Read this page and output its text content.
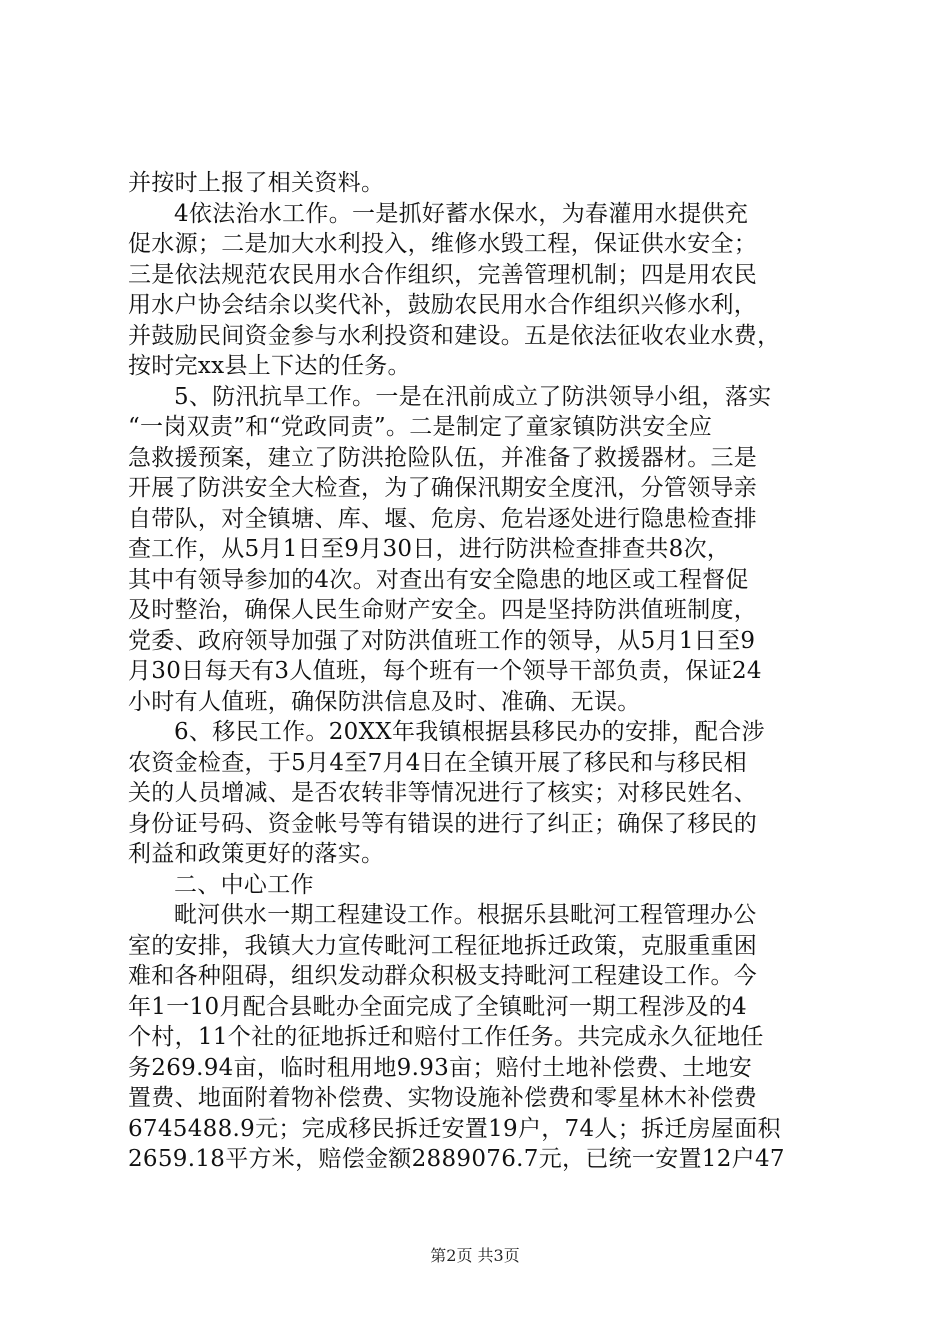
并按时上报了相关资料。
4依法治水工作。一是抓好蓄水保水，为春灌用水提供充
促水源；二是加大水利投入，维修水毁工程，保证供水安全；
三是依法规范农民用水合作组织，完善管理机制；四是用农民
用水户协会结余以奖代补，鼓励农民用水合作组织兴修水利，
并鼓励民间资金参与水利投资和建设。五是依法征收农业水费，
按时完xx县上下达的任务。
5、防汛抗旱工作。一是在汛前成立了防洪领导小组，落实
“一岗双责”和“党政同责”。二是制定了童家镇防洪安全应
急救援预案，建立了防洪抢险队伍，并准备了救援器材。三是
开展了防洪安全大检查，为了确保汛期安全度汛，分管领导亲
自带队，对全镇塘、库、堰、危房、危岩逐处进行隐患检查排
查工作，从5月1日至9月30日，进行防洪检查排查共8次，
其中有领导参加的4次。对查出有安全隐患的地区或工程督促
及时整治，确保人民生命财产安全。四是坚持防洪值班制度，
党委、政府领导加强了对防洪值班工作的领导，从5月1日至9
月30日每天有3人值班，每个班有一个领导干部负责，保证24
小时有人值班，确保防洪信息及时、准确、无误。
6、移民工作。20XX年我镇根据县移民办的安排，配合涉
农资金检查，于5月4至7月4日在全镇开展了移民和与移民相
关的人员增减、是否农转非等情况进行了核实；对移民姓名、
身份证号码、资金帐号等有错误的进行了纠正；确保了移民的
利益和政策更好的落实。
二、中心工作
毗河供水一期工程建设工作。根据乐县毗河工程管理办公
室的安排，我镇大力宣传毗河工程征地拆迁政策，克服重重困
难和各种阻碍，组织发动群众积极支持毗河工程建设工作。今
年1一10月配合县毗办全面完成了全镇毗河一期工程涉及的4
个村，11个社的征地拆迁和赔付工作任务。共完成永久征地任
务269.94亩，临时租用地9.93亩；赔付土地补偿费、土地安
置费、地面附着物补偿费、实物设施补偿费和零星林木补偿费
6745488.9元；完成移民拆迁安置19户，74人；拆迁房屋面积
2659.18平方米，赔偿金额2889076.7元，已统一安置12户47
第2页 共3页
